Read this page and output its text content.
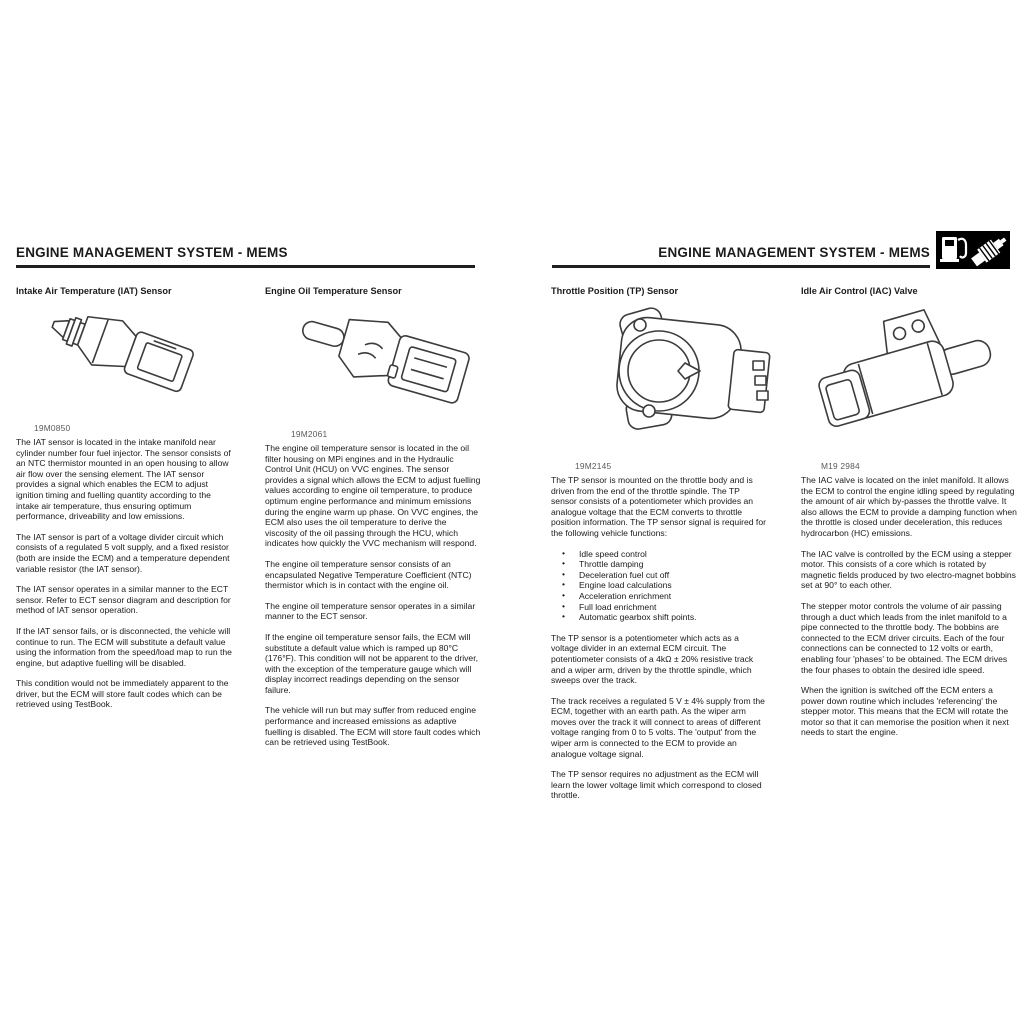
ENGINE MANAGEMENT SYSTEM - MEMS	ENGINE MANAGEMENT SYSTEM - MEMS
Intake Air Temperature (IAT) Sensor
19M0850

The IAT sensor is located in the intake manifold near cylinder number four fuel injector. The sensor consists of an NTC thermistor mounted in an open housing to allow air flow over the sensing element. The IAT sensor provides a signal which enables the ECM to adjust ignition timing and fuelling quantity according to the intake air temperature, thus ensuring optimum performance, driveability and low emissions.

The IAT sensor is part of a voltage divider circuit which consists of a regulated 5 volt supply, and a fixed resistor (both are inside the ECM) and a temperature dependent variable resistor (the IAT sensor).

The IAT sensor operates in a similar manner to the ECT sensor. Refer to ECT sensor diagram and description for method of IAT sensor operation.

If the IAT sensor fails, or is disconnected, the vehicle will continue to run. The ECM will substitute a default value using the information from the speed/load map to run the engine, but adaptive fuelling will be disabled.

This condition would not be immediately apparent to the driver, but the ECM will store fault codes which can be retrieved using TestBook.

Engine Oil Temperature Sensor
19M2061

The engine oil temperature sensor is located in the oil filter housing on MPi engines and in the Hydraulic Control Unit (HCU) on VVC engines. The sensor provides a signal which allows the ECM to adjust fuelling values according to engine oil temperature, to produce optimum engine performance and minimum emissions during the engine warm up phase. On VVC engines, the ECM also uses the oil temperature to derive the viscosity of the oil passing through the HCU, which indicates how quickly the VVC mechanism will respond.

The engine oil temperature sensor consists of an encapsulated Negative Temperature Coefficient (NTC) thermistor which is in contact with the engine oil.

The engine oil temperature sensor operates in a similar manner to the ECT sensor.

If the engine oil temperature sensor fails, the ECM will substitute a default value which is ramped up 80°C (176°F). This condition will not be apparent to the driver, with the exception of the temperature gauge which will display incorrect readings depending on the sensor failure.

The vehicle will run but may suffer from reduced engine performance and increased emissions as adaptive fuelling is disabled. The ECM will store fault codes which can be retrieved using TestBook.

Throttle Position (TP) Sensor
19M2145

The TP sensor is mounted on the throttle body and is driven from the end of the throttle spindle. The TP sensor consists of a potentiometer which provides an analogue voltage that the ECM converts to throttle position information. The TP sensor signal is required for the following vehicle functions:

• Idle speed control
• Throttle damping
• Deceleration fuel cut off
• Engine load calculations
• Acceleration enrichment
• Full load enrichment
• Automatic gearbox shift points.

The TP sensor is a potentiometer which acts as a voltage divider in an external ECM circuit. The potentiometer consists of a 4kΩ ± 20% resistive track and a wiper arm, driven by the throttle spindle, which sweeps over the track.

The track receives a regulated 5 V ± 4% supply from the ECM, together with an earth path. As the wiper arm moves over the track it will connect to areas of different voltage ranging from 0 to 5 volts. The 'output' from the wiper arm is connected to the ECM to provide an analogue voltage signal.

The TP sensor requires no adjustment as the ECM will learn the lower voltage limit which correspond to closed throttle.

Idle Air Control (IAC) Valve
M19 2984

The IAC valve is located on the inlet manifold. It allows the ECM to control the engine idling speed by regulating the amount of air which by-passes the throttle valve. It also allows the ECM to provide a damping function when the throttle is closed under deceleration, this reduces hydrocarbon (HC) emissions.

The IAC valve is controlled by the ECM using a stepper motor. This consists of a core which is rotated by magnetic fields produced by two electro-magnet bobbins set at 90° to each other.

The stepper motor controls the volume of air passing through a duct which leads from the inlet manifold to a pipe connected to the throttle body. The bobbins are connected to the ECM driver circuits. Each of the four connections can be connected to 12 volts or earth, enabling four 'phases' to be obtained. The ECM drives the four phases to obtain the desired idle speed.

When the ignition is switched off the ECM enters a power down routine which includes 'referencing' the stepper motor. This means that the ECM will rotate the motor so that it can memorise the position when it next needs to start the engine.
